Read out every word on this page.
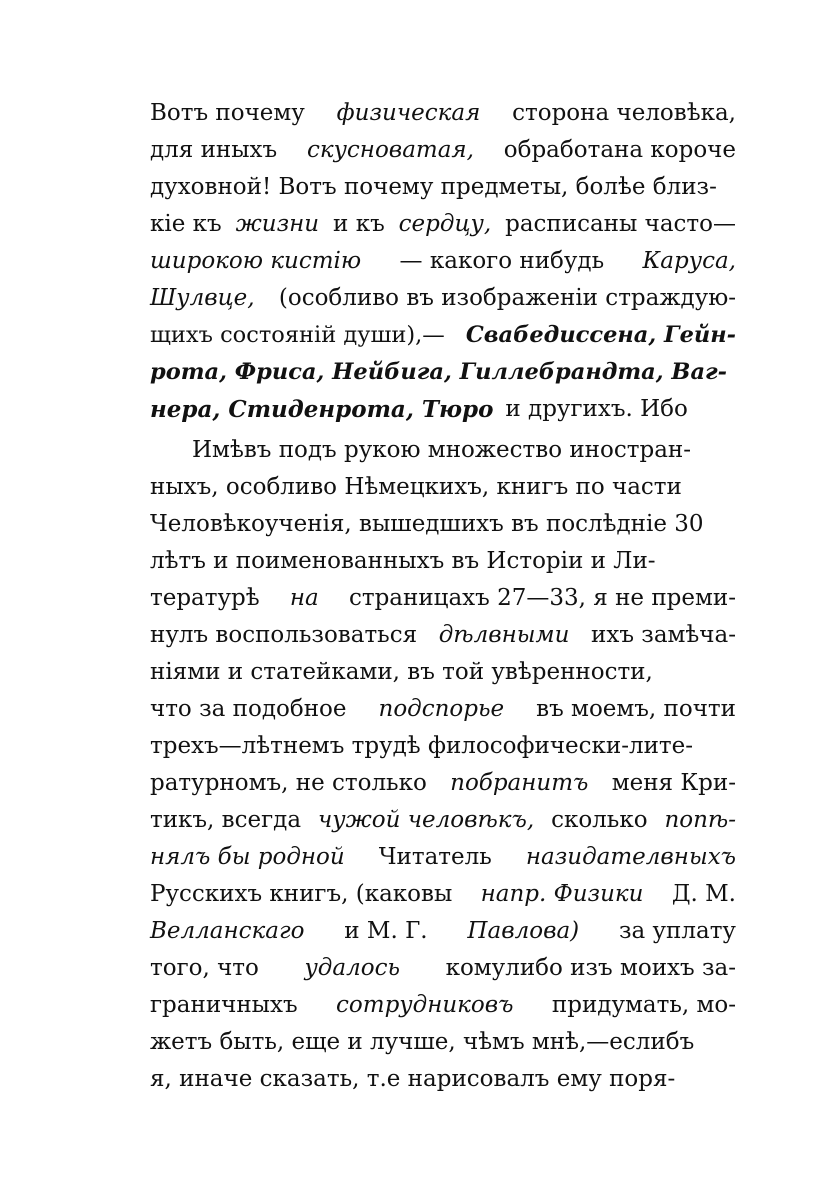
Вотъ почему физическая сторона человѣка,
для иныхъ скусноватая, обработана короче
духовной! Вотъ почему предметы, болѣе близ-
кіе къ жизни и къ сердцу, расписаны часто—
широкою кистію — какого нибудь Каруса,
Шулвце, (особливо въ изображеніи страждую-
щихъ состояній души),— Свабедиссена, Гейн-
рота, Фриса, Нейбига, Гиллебрандта, Ваг-
нера, Стиденрота, Тюро и другихъ. Ибо
Имѣвъ подъ рукою множество иностран-
ныхъ, особливо Нѣмецкихъ, книгъ по части
Человѣкоученія, вышедшихъ въ послѣдніе 30
лѣтъ и поименованныхъ въ Исторіи и Ли-
тературѣ на страницахъ 27—33, я не преми-
нулъ воспользоваться дѣлвными ихъ замѣча-
ніями и статейками, въ той увѣренности,
что за подобное подспорье въ моемъ, почти
трехъ—лѣтнемъ трудѣ философически-лите-
ратурномъ, не столько побранитъ меня Кри-
тикъ, всегда чужой человѣкъ, сколько попѣ-
нялъ бы родной Читатель назидателвныхъ
Русскихъ книгъ, (каковы напр. Физики Д. М.
Велланскаго и М. Г. Павлова) за уплату
того, что удалось комулибо изъ моихъ за-
граничныхъ сотрудниковъ придумать, мо-
жетъ быть, еще и лучше, чѣмъ мнѣ,—еслибъ
я, иначе сказать, т.е нарисовалъ ему поря-
